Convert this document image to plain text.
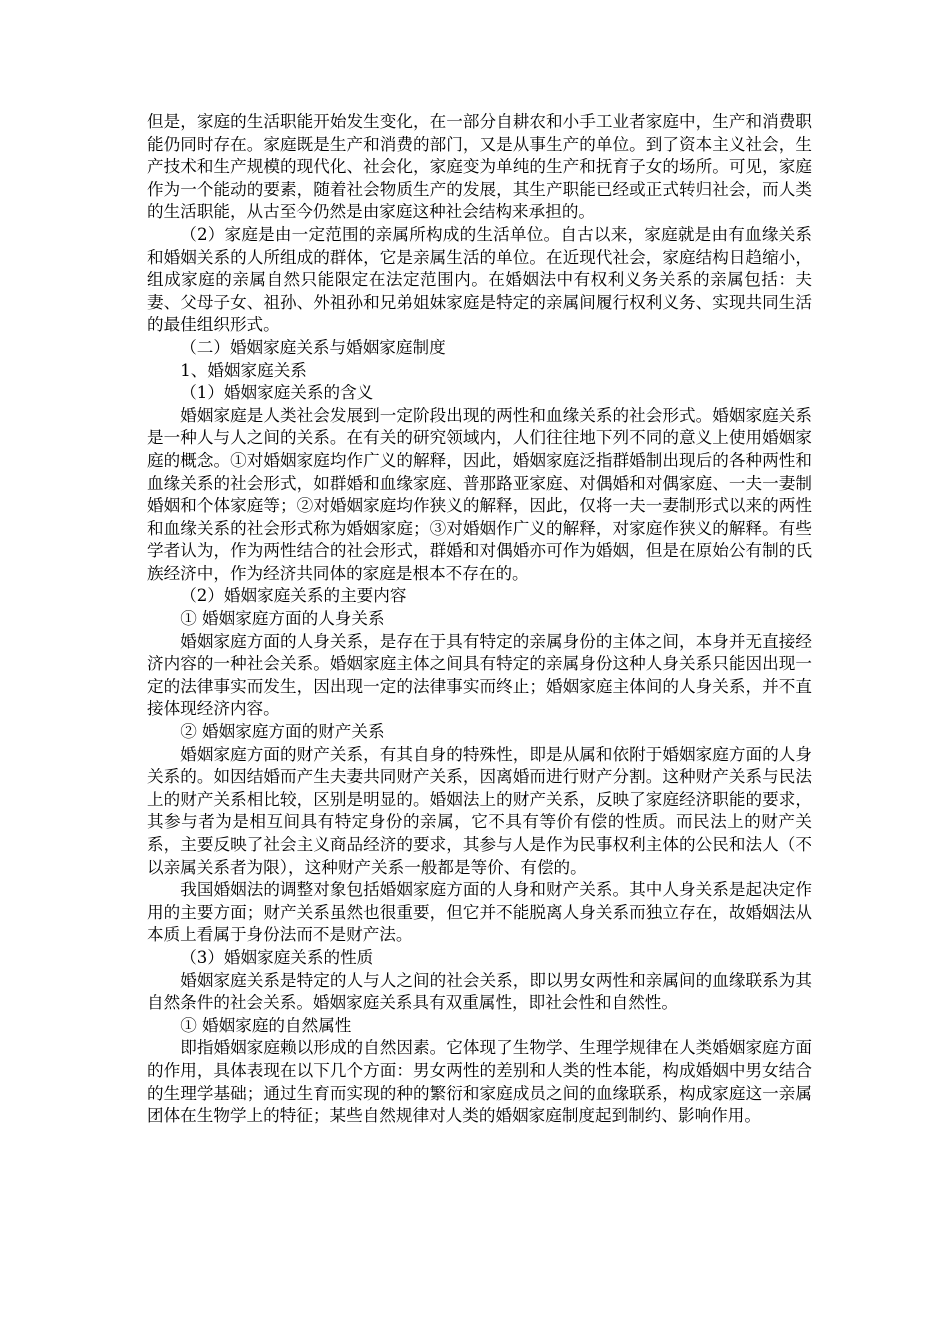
但是，家庭的生活职能开始发生变化，在一部分自耕农和小手工业者家庭中，生产和消费职能仍同时存在。家庭既是生产和消费的部门，又是从事生产的单位。到了资本主义社会，生产技术和生产规模的现代化、社会化，家庭变为单纯的生产和抚育子女的场所。可见，家庭作为一个能动的要素，随着社会物质生产的发展，其生产职能已经或正式转归社会，而人类的生活职能，从古至今仍然是由家庭这种社会结构来承担的。

（2）家庭是由一定范围的亲属所构成的生活单位。自古以来，家庭就是由有血缘关系和婚姻关系的人所组成的群体，它是亲属生活的单位。在近现代社会，家庭结构日趋缩小，组成家庭的亲属自然只能限定在法定范围内。在婚姻法中有权利义务关系的亲属包括：夫妻、父母子女、祖孙、外祖孙和兄弟姐妹家庭是特定的亲属间履行权利义务、实现共同生活的最佳组织形式。

（二）婚姻家庭关系与婚姻家庭制度

1、婚姻家庭关系

（1）婚姻家庭关系的含义

婚姻家庭是人类社会发展到一定阶段出现的两性和血缘关系的社会形式。婚姻家庭关系是一种人与人之间的关系。在有关的研究领域内，人们往往地下列不同的意义上使用婚姻家庭的概念。①对婚姻家庭均作广义的解释，因此，婚姻家庭泛指群婚制出现后的各种两性和血缘关系的社会形式，如群婚和血缘家庭、普那路亚家庭、对偶婚和对偶家庭、一夫一妻制婚姻和个体家庭等；②对婚姻家庭均作狭义的解释，因此，仅将一夫一妻制形式以来的两性和血缘关系的社会形式称为婚姻家庭；③对婚姻作广义的解释，对家庭作狭义的解释。有些学者认为，作为两性结合的社会形式，群婚和对偶婚亦可作为婚姻，但是在原始公有制的氏族经济中，作为经济共同体的家庭是根本不存在的。

（2）婚姻家庭关系的主要内容

① 婚姻家庭方面的人身关系

婚姻家庭方面的人身关系，是存在于具有特定的亲属身份的主体之间，本身并无直接经济内容的一种社会关系。婚姻家庭主体之间具有特定的亲属身份这种人身关系只能因出现一定的法律事实而发生，因出现一定的法律事实而终止；婚姻家庭主体间的人身关系，并不直接体现经济内容。

② 婚姻家庭方面的财产关系

婚姻家庭方面的财产关系，有其自身的特殊性，即是从属和依附于婚姻家庭方面的人身关系的。如因结婚而产生夫妻共同财产关系，因离婚而进行财产分割。这种财产关系与民法上的财产关系相比较，区别是明显的。婚姻法上的财产关系，反映了家庭经济职能的要求，其参与者为是相互间具有特定身份的亲属，它不具有等价有偿的性质。而民法上的财产关系，主要反映了社会主义商品经济的要求，其参与人是作为民事权利主体的公民和法人（不以亲属关系者为限），这种财产关系一般都是等价、有偿的。

我国婚姻法的调整对象包括婚姻家庭方面的人身和财产关系。其中人身关系是起决定作用的主要方面；财产关系虽然也很重要，但它并不能脱离人身关系而独立存在，故婚姻法从本质上看属于身份法而不是财产法。

（3）婚姻家庭关系的性质

婚姻家庭关系是特定的人与人之间的社会关系，即以男女两性和亲属间的血缘联系为其自然条件的社会关系。婚姻家庭关系具有双重属性，即社会性和自然性。

① 婚姻家庭的自然属性

即指婚姻家庭赖以形成的自然因素。它体现了生物学、生理学规律在人类婚姻家庭方面的作用，具体表现在以下几个方面：男女两性的差别和人类的性本能，构成婚姻中男女结合的生理学基础；通过生育而实现的种的繁衍和家庭成员之间的血缘联系，构成家庭这一亲属团体在生物学上的特征；某些自然规律对人类的婚姻家庭制度起到制约、影响作用。
